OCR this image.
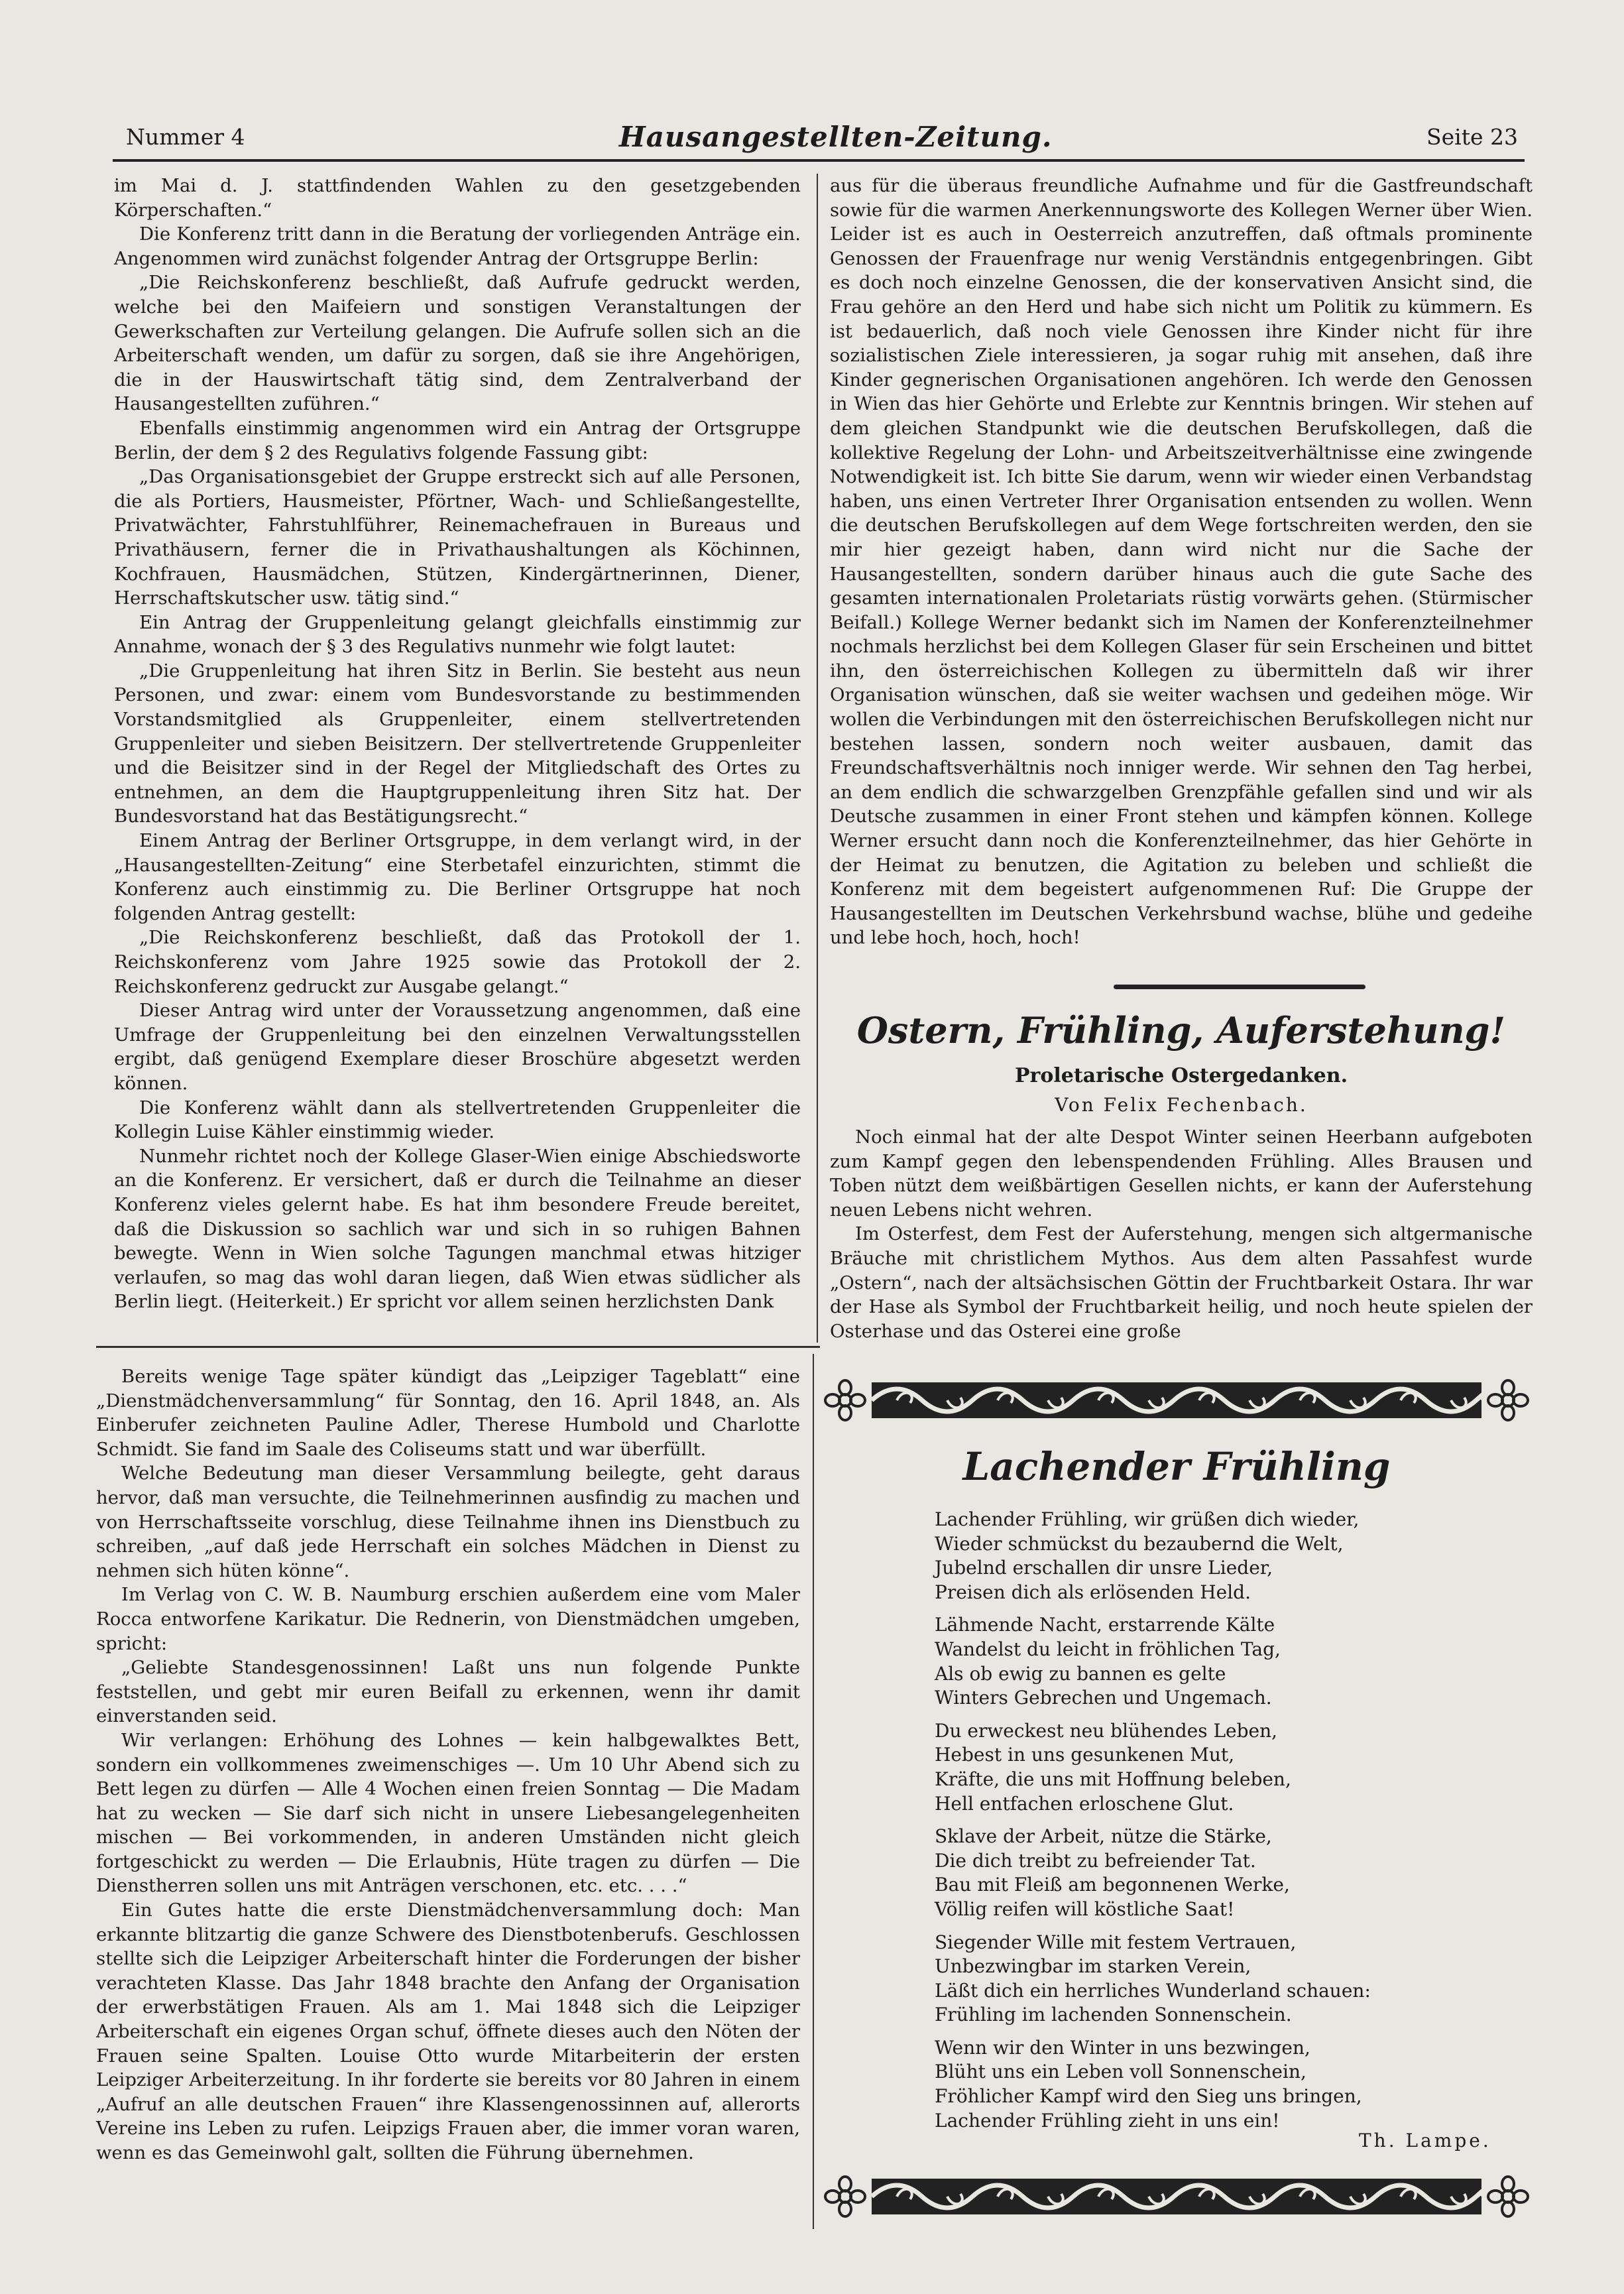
Nummer 4	Hausangestellten-Zeitung.	Seite 23

im Mai d. J. stattfindenden Wahlen zu den gesetzgebenden Körperschaften.“

Die Konferenz tritt dann in die Beratung der vorliegenden Anträge ein. Angenommen wird zunächst folgender Antrag der Ortsgruppe Berlin:

„Die Reichskonferenz beschließt, daß Aufrufe gedruckt werden, welche bei den Maifeiern und sonstigen Veranstaltungen der Gewerkschaften zur Verteilung gelangen. Die Aufrufe sollen sich an die Arbeiterschaft wenden, um dafür zu sorgen, daß sie ihre Angehörigen, die in der Hauswirtschaft tätig sind, dem Zentralverband der Hausangestellten zuführen.“

Ebenfalls einstimmig angenommen wird ein Antrag der Ortsgruppe Berlin, der dem § 2 des Regulativs folgende Fassung gibt:

„Das Organisationsgebiet der Gruppe erstreckt sich auf alle Personen, die als Portiers, Hausmeister, Pförtner, Wach- und Schließangestellte, Privatwächter, Fahrstuhlführer, Reinemachefrauen in Bureaus und Privathäusern, ferner die in Privathaushaltungen als Köchinnen, Kochfrauen, Hausmädchen, Stützen, Kindergärtnerinnen, Diener, Herrschaftskutscher usw. tätig sind.“

Ein Antrag der Gruppenleitung gelangt gleichfalls einstimmig zur Annahme, wonach der § 3 des Regulativs nunmehr wie folgt lautet:

„Die Gruppenleitung hat ihren Sitz in Berlin. Sie besteht aus neun Personen, und zwar: einem vom Bundesvorstande zu bestimmenden Vorstandsmitglied als Gruppenleiter, einem stellvertretenden Gruppenleiter und sieben Beisitzern. Der stellvertretende Gruppenleiter und die Beisitzer sind in der Regel der Mitgliedschaft des Ortes zu entnehmen, an dem die Hauptgruppenleitung ihren Sitz hat. Der Bundesvorstand hat das Bestätigungsrecht.“

Einem Antrag der Berliner Ortsgruppe, in dem verlangt wird, in der „Hausangestellten-Zeitung“ eine Sterbetafel einzurichten, stimmt die Konferenz auch einstimmig zu. Die Berliner Ortsgruppe hat noch folgenden Antrag gestellt:

„Die Reichskonferenz beschließt, daß das Protokoll der 1. Reichskonferenz vom Jahre 1925 sowie das Protokoll der 2. Reichskonferenz gedruckt zur Ausgabe gelangt.“

Dieser Antrag wird unter der Voraussetzung angenommen, daß eine Umfrage der Gruppenleitung bei den einzelnen Verwaltungsstellen ergibt, daß genügend Exemplare dieser Broschüre abgesetzt werden können.

Die Konferenz wählt dann als stellvertretenden Gruppenleiter die Kollegin Luise Kähler einstimmig wieder.

Nunmehr richtet noch der Kollege Glaser-Wien einige Abschiedsworte an die Konferenz. Er versichert, daß er durch die Teilnahme an dieser Konferenz vieles gelernt habe. Es hat ihm besondere Freude bereitet, daß die Diskussion so sachlich war und sich in so ruhigen Bahnen bewegte. Wenn in Wien solche Tagungen manchmal etwas hitziger verlaufen, so mag das wohl daran liegen, daß Wien etwas südlicher als Berlin liegt. (Heiterkeit.) Er spricht vor allem seinen herzlichsten Dank

aus für die überaus freundliche Aufnahme und für die Gastfreundschaft sowie für die warmen Anerkennungsworte des Kollegen Werner über Wien. Leider ist es auch in Oesterreich anzutreffen, daß oftmals prominente Genossen der Frauenfrage nur wenig Verständnis entgegenbringen. Gibt es doch noch einzelne Genossen, die der konservativen Ansicht sind, die Frau gehöre an den Herd und habe sich nicht um Politik zu kümmern. Es ist bedauerlich, daß noch viele Genossen ihre Kinder nicht für ihre sozialistischen Ziele interessieren, ja sogar ruhig mit ansehen, daß ihre Kinder gegnerischen Organisationen angehören. Ich werde den Genossen in Wien das hier Gehörte und Erlebte zur Kenntnis bringen. Wir stehen auf dem gleichen Standpunkt wie die deutschen Berufskollegen, daß die kollektive Regelung der Lohn- und Arbeitszeitverhältnisse eine zwingende Notwendigkeit ist. Ich bitte Sie darum, wenn wir wieder einen Verbandstag haben, uns einen Vertreter Ihrer Organisation entsenden zu wollen. Wenn die deutschen Berufskollegen auf dem Wege fortschreiten werden, den sie mir hier gezeigt haben, dann wird nicht nur die Sache der Hausangestellten, sondern darüber hinaus auch die gute Sache des gesamten internationalen Proletariats rüstig vorwärts gehen. (Stürmischer Beifall.) Kollege Werner bedankt sich im Namen der Konferenzteilnehmer nochmals herzlichst bei dem Kollegen Glaser für sein Erscheinen und bittet ihn, den österreichischen Kollegen zu übermitteln daß wir ihrer Organisation wünschen, daß sie weiter wachsen und gedeihen möge. Wir wollen die Verbindungen mit den österreichischen Berufskollegen nicht nur bestehen lassen, sondern noch weiter ausbauen, damit das Freundschaftsverhältnis noch inniger werde. Wir sehnen den Tag herbei, an dem endlich die schwarzgelben Grenzpfähle gefallen sind und wir als Deutsche zusammen in einer Front stehen und kämpfen können. Kollege Werner ersucht dann noch die Konferenzteilnehmer, das hier Gehörte in der Heimat zu benutzen, die Agitation zu beleben und schließt die Konferenz mit dem begeistert aufgenommenen Ruf: Die Gruppe der Hausangestellten im Deutschen Verkehrsbund wachse, blühe und gedeihe und lebe hoch, hoch, hoch!

Ostern, Frühling, Auferstehung!
Proletarische Ostergedanken.
Von Felix Fechenbach.

Noch einmal hat der alte Despot Winter seinen Heerbann aufgeboten zum Kampf gegen den lebenspendenden Frühling. Alles Brausen und Toben nützt dem weißbärtigen Gesellen nichts, er kann der Auferstehung neuen Lebens nicht wehren.

Im Osterfest, dem Fest der Auferstehung, mengen sich altgermanische Bräuche mit christlichem Mythos. Aus dem alten Passahfest wurde „Ostern“, nach der altsächsischen Göttin der Fruchtbarkeit Ostara. Ihr war der Hase als Symbol der Fruchtbarkeit heilig, und noch heute spielen der Osterhase und das Osterei eine große

Bereits wenige Tage später kündigt das „Leipziger Tageblatt“ eine „Dienstmädchenversammlung“ für Sonntag, den 16. April 1848, an. Als Einberufer zeichneten Pauline Adler, Therese Humbold und Charlotte Schmidt. Sie fand im Saale des Coliseums statt und war überfüllt.

Welche Bedeutung man dieser Versammlung beilegte, geht daraus hervor, daß man versuchte, die Teilnehmerinnen ausfindig zu machen und von Herrschaftsseite vorschlug, diese Teilnahme ihnen ins Dienstbuch zu schreiben, „auf daß jede Herrschaft ein solches Mädchen in Dienst zu nehmen sich hüten könne“.

Im Verlag von C. W. B. Naumburg erschien außerdem eine vom Maler Rocca entworfene Karikatur. Die Rednerin, von Dienstmädchen umgeben, spricht:

„Geliebte Standesgenossinnen! Laßt uns nun folgende Punkte feststellen, und gebt mir euren Beifall zu erkennen, wenn ihr damit einverstanden seid.

Wir verlangen: Erhöhung des Lohnes — kein halbgewalktes Bett, sondern ein vollkommenes zweimenschiges —. Um 10 Uhr Abend sich zu Bett legen zu dürfen — Alle 4 Wochen einen freien Sonntag — Die Madam hat zu wecken — Sie darf sich nicht in unsere Liebesangelegenheiten mischen — Bei vorkommenden, in anderen Umständen nicht gleich fortgeschickt zu werden — Die Erlaubnis, Hüte tragen zu dürfen — Die Dienstherren sollen uns mit Anträgen verschonen, etc. etc. . . .“

Ein Gutes hatte die erste Dienstmädchenversammlung doch: Man erkannte blitzartig die ganze Schwere des Dienstbotenberufs. Geschlossen stellte sich die Leipziger Arbeiterschaft hinter die Forderungen der bisher verachteten Klasse. Das Jahr 1848 brachte den Anfang der Organisation der erwerbstätigen Frauen. Als am 1. Mai 1848 sich die Leipziger Arbeiterschaft ein eigenes Organ schuf, öffnete dieses auch den Nöten der Frauen seine Spalten. Louise Otto wurde Mitarbeiterin der ersten Leipziger Arbeiterzeitung. In ihr forderte sie bereits vor 80 Jahren in einem „Aufruf an alle deutschen Frauen“ ihre Klassengenossinnen auf, allerorts Vereine ins Leben zu rufen. Leipzigs Frauen aber, die immer voran waren, wenn es das Gemeinwohl galt, sollten die Führung übernehmen.

Lachender Frühling
Lachender Frühling, wir grüßen dich wieder,
Wieder schmückst du bezaubernd die Welt,
Jubelnd erschallen dir unsre Lieder,
Preisen dich als erlösenden Held.
Lähmende Nacht, erstarrende Kälte
Wandelst du leicht in fröhlichen Tag,
Als ob ewig zu bannen es gelte
Winters Gebrechen und Ungemach.
Du erweckest neu blühendes Leben,
Hebest in uns gesunkenen Mut,
Kräfte, die uns mit Hoffnung beleben,
Hell entfachen erloschene Glut.
Sklave der Arbeit, nütze die Stärke,
Die dich treibt zu befreiender Tat.
Bau mit Fleiß am begonnenen Werke,
Völlig reifen will köstliche Saat!
Siegender Wille mit festem Vertrauen,
Unbezwingbar im starken Verein,
Läßt dich ein herrliches Wunderland schauen:
Frühling im lachenden Sonnenschein.
Wenn wir den Winter in uns bezwingen,
Blüht uns ein Leben voll Sonnenschein,
Fröhlicher Kampf wird den Sieg uns bringen,
Lachender Frühling zieht in uns ein!
Th. Lampe.
